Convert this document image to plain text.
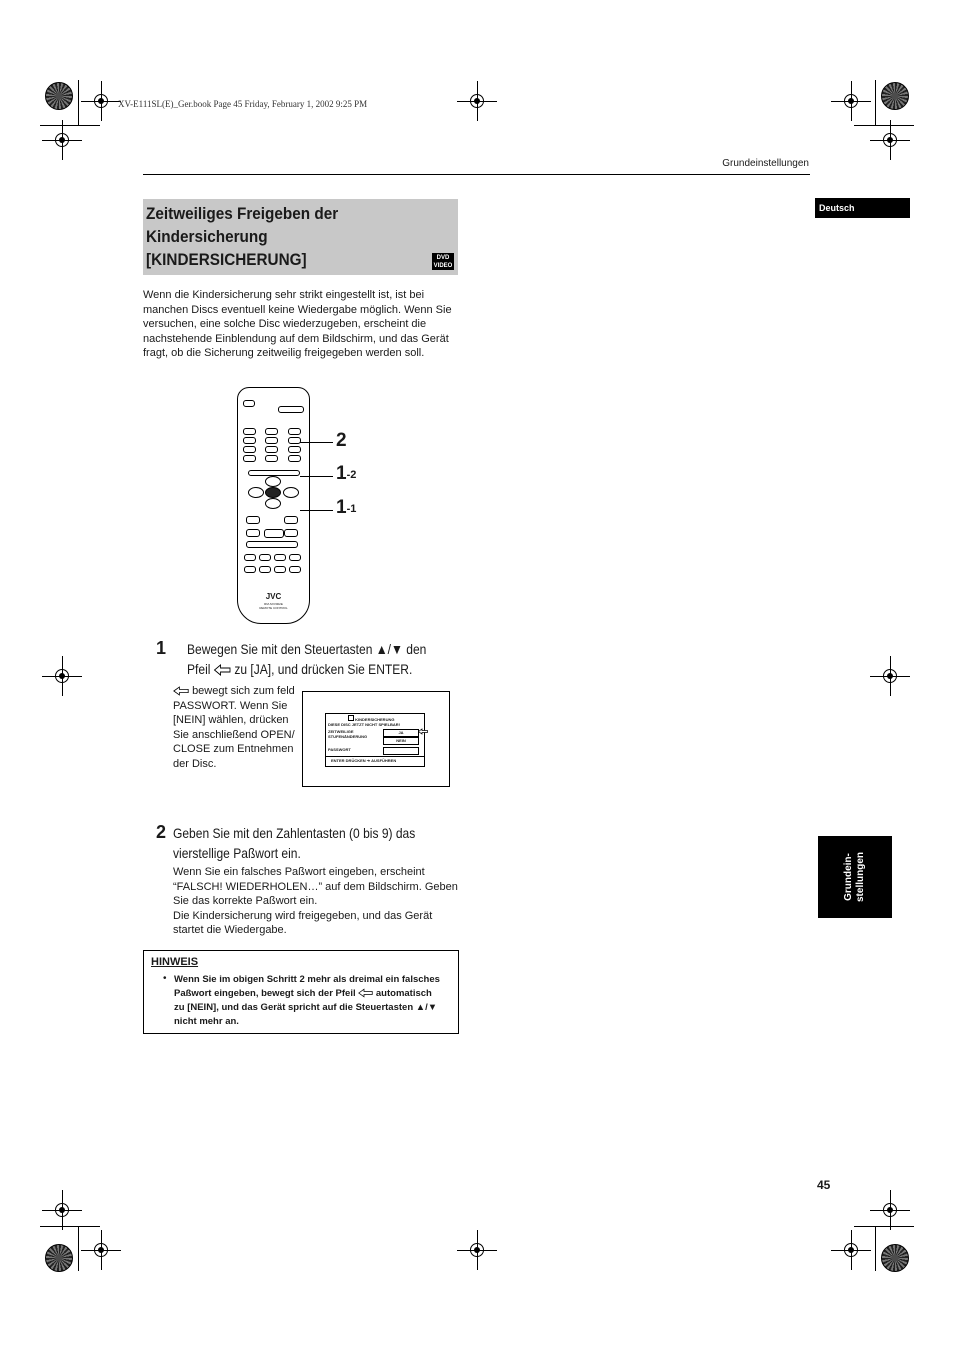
XV-E111SL(E)_Ger.book Page 45 Friday, February 1, 2002 9:25 PM
Grundeinstellungen
Deutsch
Grundein-
stellungen
Zeitweiliges Freigeben der Kindersicherung [KINDERSICHERUNG]	DVD
VIDEO
Wenn die Kindersicherung sehr strikt eingestellt ist, ist bei manchen Discs eventuell keine Wiedergabe möglich. Wenn Sie versuchen, eine solche Disc wiederzugeben, erscheint die nachstehende Einblendung auf dem Bildschirm, und das Gerät fragt, ob die Sicherung zeitweilig freigegeben werden soll.
JVC
RM-SXV002E
REMOTE CONTROL
2
$1_{-2}$
$1_{-1}$
1 Bewegen Sie mit den Steuertasten ▲/▼ den
Pfeil zu [JA], und drücken Sie ENTER.
bewegt sich zum feld PASSWORT. Wenn Sie [NEIN] wählen, drücken Sie anschließend OPEN/ CLOSE zum Entnehmen der Disc.
KINDERSICHERUNG
DIESE DISC JETZT NICHT SPIELBAR!
ZEITWEILIGE
STUFENÄNDERUNG
JA
NEIN
PASSWORT
ENTER DRÜCKEN ➔ AUSFÜHREN
2 Geben Sie mit den Zahlentasten (0 bis 9) das
vierstellige Paßwort ein.
Wenn Sie ein falsches Paßwort eingeben, erscheint “FALSCH! WIEDERHOLEN…” auf dem Bildschirm. Geben Sie das korrekte Paßwort ein.
Die Kindersicherung wird freigegeben, und das Gerät startet die Wiedergabe.
HINWEIS
• Wenn Sie im obigen Schritt 2 mehr als dreimal ein falsches Paßwort eingeben, bewegt sich der Pfeil automatisch zu [NEIN], und das Gerät spricht auf die Steuertasten ▲/▼ nicht mehr an.
45
